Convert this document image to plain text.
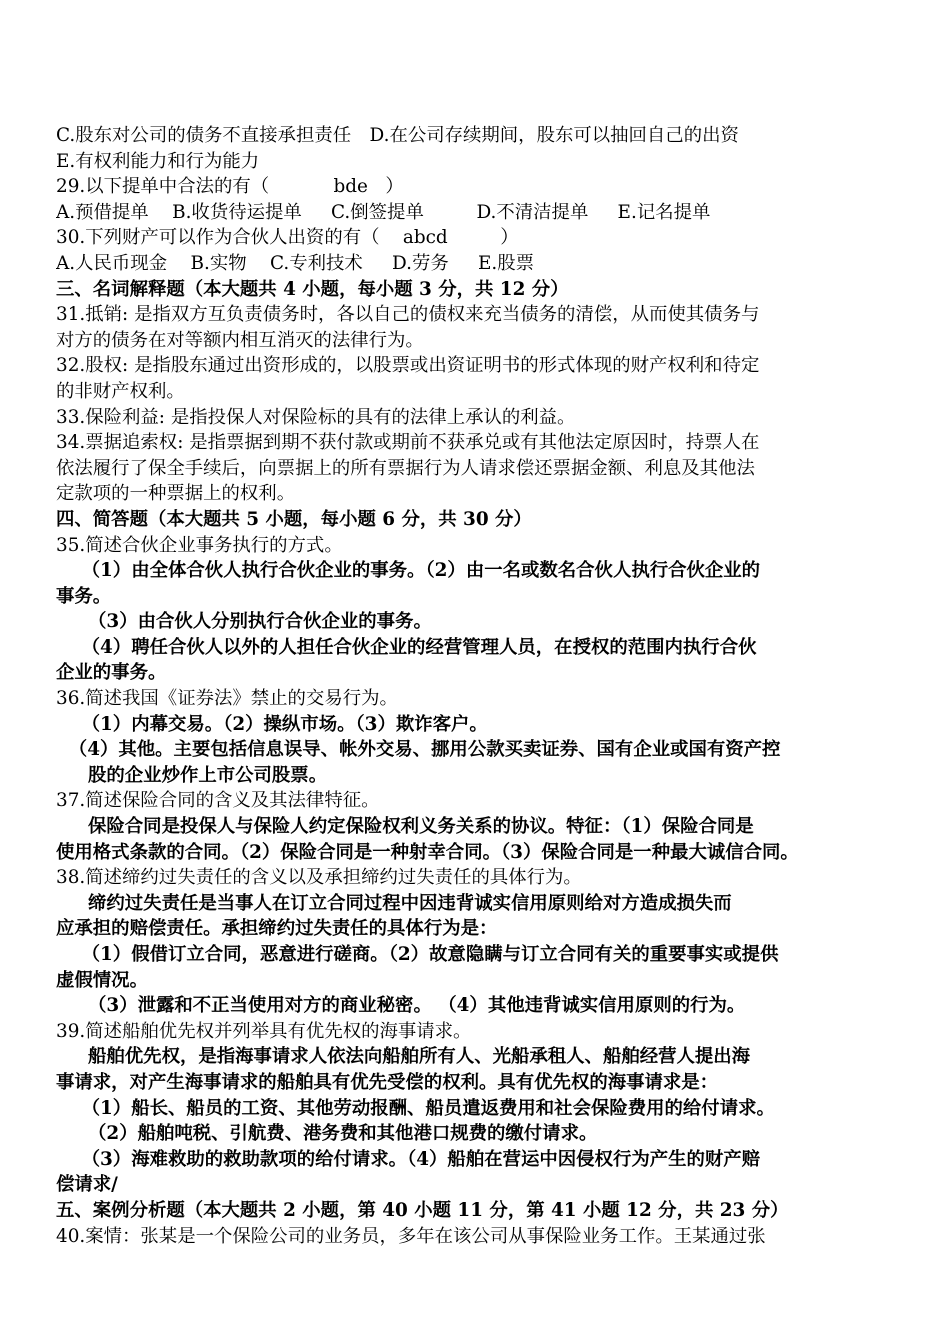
C.股东对公司的债务不直接承担责任　D.在公司存续期间，股东可以抽回自己的出资
E.有权利能力和行为能力
29.以下提单中合法的有（           bde   ）
A.预借提单    B.收货待运提单     C.倒签提单         D.不清洁提单     E.记名提单
30.下列财产可以作为合伙人出资的有（    abcd         ）
A.人民币现金    B.实物    C.专利技术     D.劳务     E.股票
三、名词解释题（本大题共 4 小题，每小题 3 分，共 12 分）
31.抵销: 是指双方互负责债务时，各以自己的债权来充当债务的清偿，从而使其债务与
对方的债务在对等额内相互消灭的法律行为。
32.股权: 是指股东通过出资形成的，以股票或出资证明书的形式体现的财产权利和待定
的非财产权利。
33.保险利益: 是指投保人对保险标的具有的法律上承认的利益。
34.票据追索权: 是指票据到期不获付款或期前不获承兑或有其他法定原因时，持票人在
依法履行了保全手续后，向票据上的所有票据行为人请求偿还票据金额、利息及其他法
定款项的一种票据上的权利。
四、简答题（本大题共 5 小题，每小题 6 分，共 30 分）
35.简述合伙企业事务执行的方式。
（1）由全体合伙人执行合伙企业的事务。（2）由一名或数名合伙人执行合伙企业的
事务。
（3）由合伙人分别执行合伙企业的事务。
（4）聘任合伙人以外的人担任合伙企业的经营管理人员，在授权的范围内执行合伙
企业的事务。
36.简述我国《证券法》禁止的交易行为。
（1）内幕交易。（2）操纵市场。（3）欺诈客户。
（4）其他。主要包括信息误导、帐外交易、挪用公款买卖证券、国有企业或国有资产控
股的企业炒作上市公司股票。
37.简述保险合同的含义及其法律特征。
保险合同是投保人与保险人约定保险权利义务关系的协议。特征：（1）保险合同是
使用格式条款的合同。（2）保险合同是一种射幸合同。（3）保险合同是一种最大诚信合同。
38.简述缔约过失责任的含义以及承担缔约过失责任的具体行为。
缔约过失责任是当事人在订立合同过程中因违背诚实信用原则给对方造成损失而
应承担的赔偿责任。承担缔约过失责任的具体行为是：
（1）假借订立合同，恶意进行磋商。（2）故意隐瞒与订立合同有关的重要事实或提供
虚假情况。
（3）泄露和不正当使用对方的商业秘密。 （4）其他违背诚实信用原则的行为。
39.简述船舶优先权并列举具有优先权的海事请求。
船舶优先权，是指海事请求人依法向船舶所有人、光船承租人、船舶经营人提出海
事请求，对产生海事请求的船舶具有优先受偿的权利。具有优先权的海事请求是：
（1）船长、船员的工资、其他劳动报酬、船员遣返费用和社会保险费用的给付请求。
（2）船舶吨税、引航费、港务费和其他港口规费的缴付请求。
（3）海难救助的救助款项的给付请求。（4）船舶在营运中因侵权行为产生的财产赔
偿请求/
五、案例分析题（本大题共 2 小题，第 40 小题 11 分，第 41 小题 12 分，共 23 分）
40.案情：张某是一个保险公司的业务员，多年在该公司从事保险业务工作。王某通过张
